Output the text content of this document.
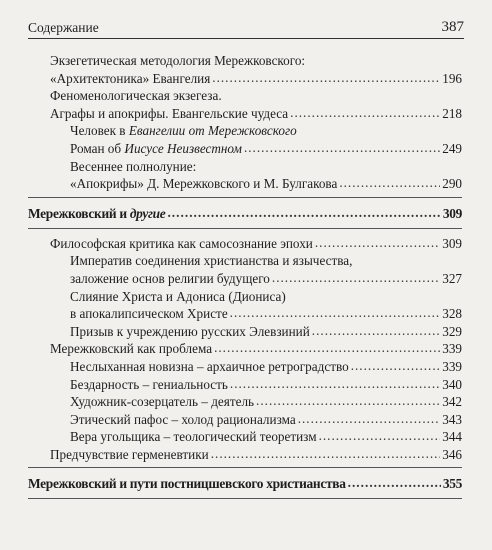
Содержание	387
Экзегетическая методология Мережковского:
«Архитектоника» Евангелия .....	196
Феноменологическая экзегеза.
Аграфы и апокрифы. Евангельские чудеса .....	218
Человек в Евангелии от Мережковского
Роман об Иисусе Неизвестном .....	249
Весеннее полнолуние:
«Апокрифы» Д. Мережковского и М. Булгакова .....	290
Мережковский и другие .....	309
Философская критика как самосознание эпохи .....	309
Императив соединения христианства и язычества,
заложение основ религии будущего .....	327
Слияние Христа и Адониса (Диониса)
в апокалипсическом Христе .....	328
Призыв к учреждению русских Элевзиний .....	329
Мережковский как проблема .....	339
Неслыханная новизна – архаичное ретроградство .....	339
Бездарность – гениальность .....	340
Художник-созерцатель – деятель .....	342
Этический пафос – холод рационализма .....	343
Вера угольщика – теологический теоретизм .....	344
Предчувствие герменевтики .....	346
Мережковский и пути постницшевского христианства .....	355
